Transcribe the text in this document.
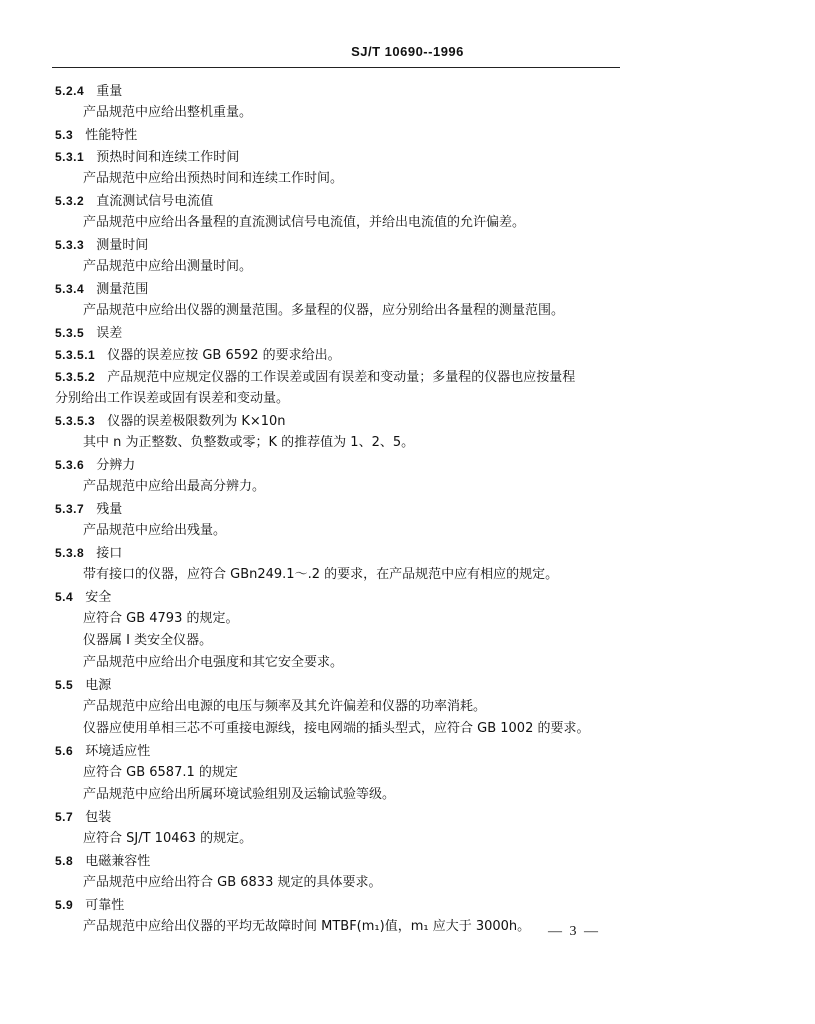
SJ/T 10690--1996
5.2.4 重量
产品规范中应给出整机重量。
5.3 性能特性
5.3.1 预热时间和连续工作时间
产品规范中应给出预热时间和连续工作时间。
5.3.2 直流测试信号电流值
产品规范中应给出各量程的直流测试信号电流值，并给出电流值的允许偏差。
5.3.3 测量时间
产品规范中应给出测量时间。
5.3.4 测量范围
产品规范中应给出仪器的测量范围。多量程的仪器，应分别给出各量程的测量范围。
5.3.5 误差
5.3.5.1 仪器的误差应按 GB 6592 的要求给出。
5.3.5.2 产品规范中应规定仪器的工作误差或固有误差和变动量；多量程的仪器也应按量程
分别给出工作误差或固有误差和变动量。
5.3.5.3 仪器的误差极限数列为 K×10n
其中 n 为正整数、负整数或零；K 的推荐值为 1、2、5。
5.3.6 分辨力
产品规范中应给出最高分辨力。
5.3.7 残量
产品规范中应给出残量。
5.3.8 接口
带有接口的仪器，应符合 GBn249.1～.2 的要求，在产品规范中应有相应的规定。
5.4 安全
应符合 GB 4793 的规定。
仪器属 Ⅰ 类安全仪器。
产品规范中应给出介电强度和其它安全要求。
5.5 电源
产品规范中应给出电源的电压与频率及其允许偏差和仪器的功率消耗。
仪器应使用单相三芯不可重接电源线，接电网端的插头型式，应符合 GB 1002 的要求。
5.6 环境适应性
应符合 GB 6587.1 的规定
产品规范中应给出所属环境试验组别及运输试验等级。
5.7 包装
应符合 SJ/T 10463 的规定。
5.8 电磁兼容性
产品规范中应给出符合 GB 6833 规定的具体要求。
5.9 可靠性
产品规范中应给出仪器的平均无故障时间 MTBF(m₁)值，m₁ 应大于 3000h。	— 3 —
